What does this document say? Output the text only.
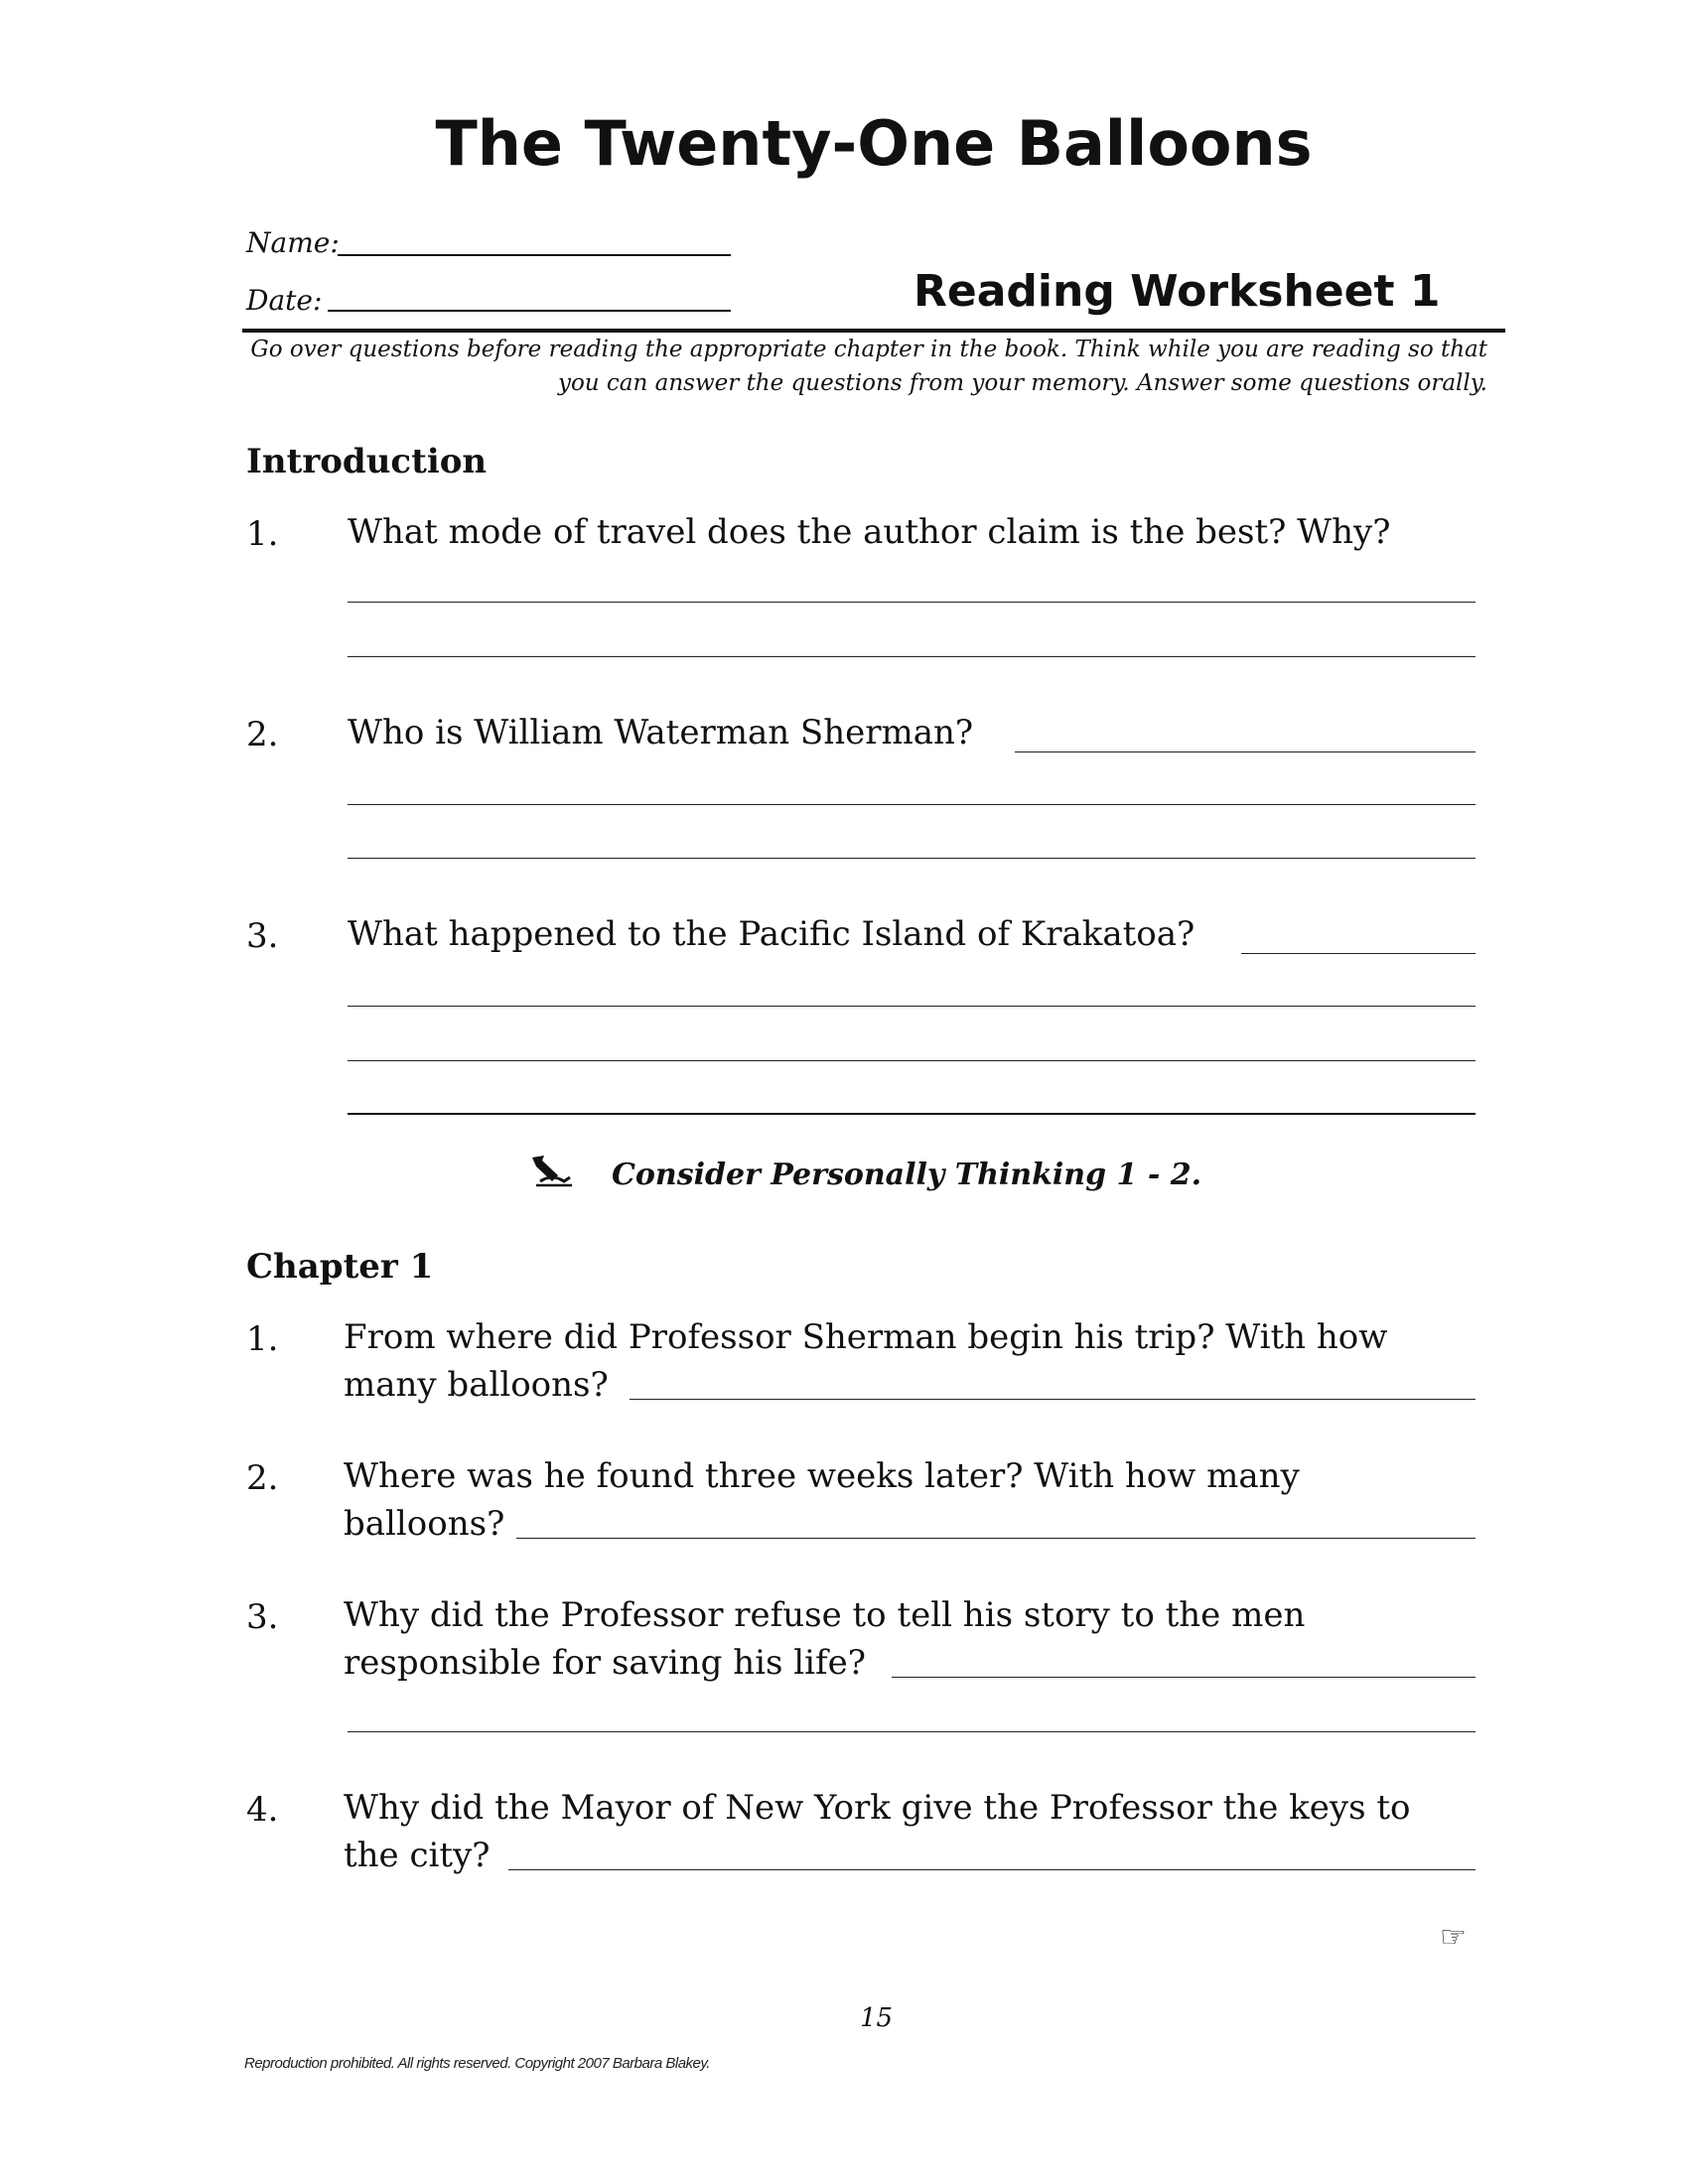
The Twenty-One Balloons
Name:
Date:	Reading Worksheet 1
Go over questions before reading the appropriate chapter in the book. Think while you are reading so that you can answer the questions from your memory. Answer some questions orally.
Introduction
1. What mode of travel does the author claim is the best? Why?
2. Who is William Waterman Sherman?
3. What happened to the Pacific Island of Krakatoa?
Consider Personally Thinking 1 - 2.
Chapter 1
1. From where did Professor Sherman begin his trip? With how
many balloons?
2. Where was he found three weeks later? With how many
balloons?
3. Why did the Professor refuse to tell his story to the men
responsible for saving his life?
4. Why did the Mayor of New York give the Professor the keys to
the city?
☞
15
Reproduction prohibited. All rights reserved. Copyright 2007 Barbara Blakey.
